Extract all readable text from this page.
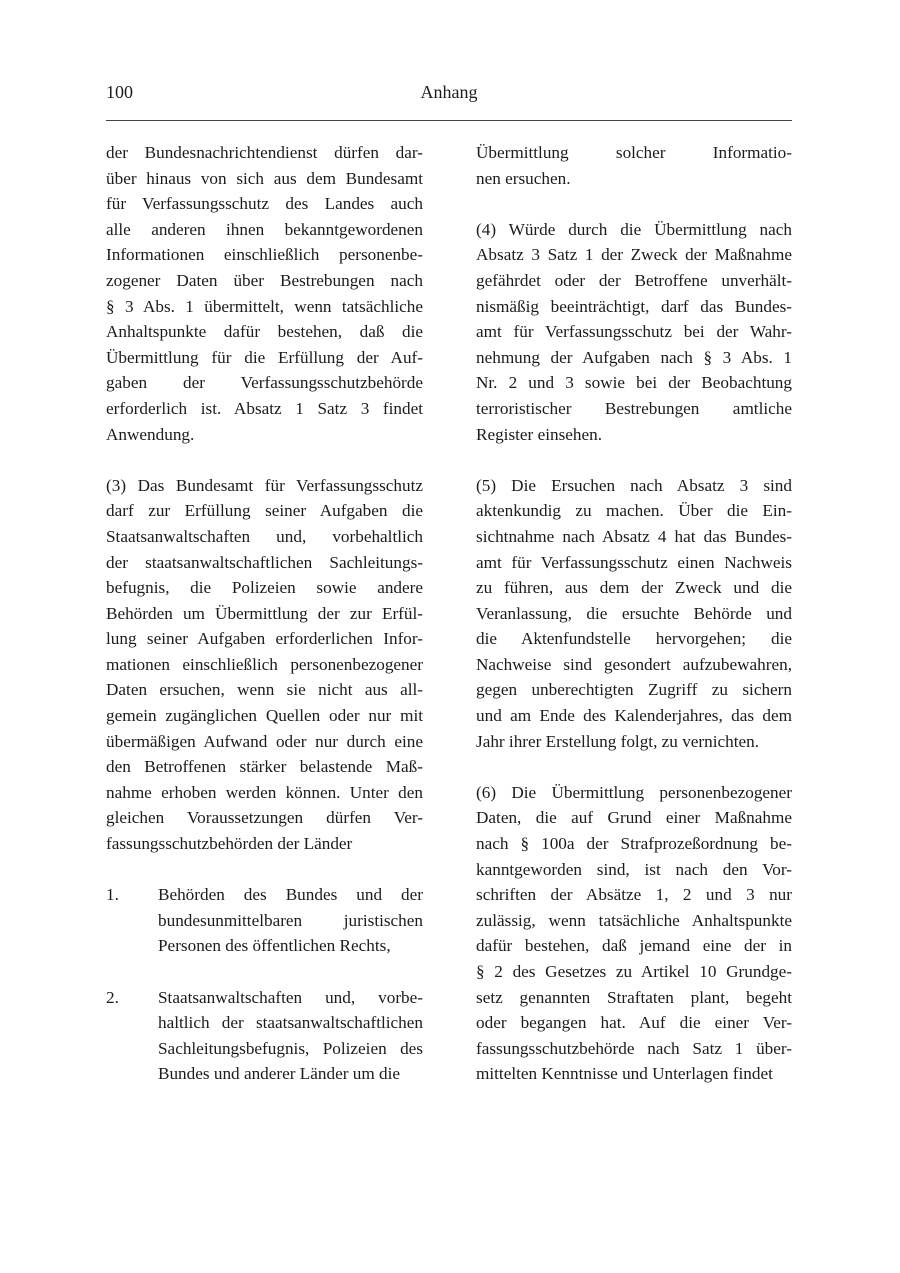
100	Anhang
der Bundesnachrichtendienst dürfen dar-
über hinaus von sich aus dem Bundesamt
für Verfassungsschutz des Landes auch
alle anderen ihnen bekanntgewordenen
Informationen einschließlich personenbe-
zogener Daten über Bestrebungen nach
§ 3 Abs. 1 übermittelt, wenn tatsächliche
Anhaltspunkte dafür bestehen, daß die
Übermittlung für die Erfüllung der Auf-
gaben der Verfassungsschutzbehörde
erforderlich ist. Absatz 1 Satz 3 findet
Anwendung.
(3) Das Bundesamt für Verfassungsschutz
darf zur Erfüllung seiner Aufgaben die
Staatsanwaltschaften und, vorbehaltlich
der staatsanwaltschaftlichen Sachleitungs-
befugnis, die Polizeien sowie andere
Behörden um Übermittlung der zur Erfül-
lung seiner Aufgaben erforderlichen Infor-
mationen einschließlich personenbezogener
Daten ersuchen, wenn sie nicht aus all-
gemein zugänglichen Quellen oder nur mit
übermäßigen Aufwand oder nur durch eine
den Betroffenen stärker belastende Maß-
nahme erhoben werden können. Unter den
gleichen Voraussetzungen dürfen Ver-
fassungsschutzbehörden der Länder
1. Behörden des Bundes und der
bundesunmittelbaren juristischen
Personen des öffentlichen Rechts,
2. Staatsanwaltschaften und, vorbe-
haltlich der staatsanwaltschaftlichen
Sachleitungsbefugnis, Polizeien des
Bundes und anderer Länder um die
Übermittlung solcher Informatio-
nen ersuchen.
(4) Würde durch die Übermittlung nach
Absatz 3 Satz 1 der Zweck der Maßnahme
gefährdet oder der Betroffene unverhält-
nismäßig beeinträchtigt, darf das Bundes-
amt für Verfassungsschutz bei der Wahr-
nehmung der Aufgaben nach § 3 Abs. 1
Nr. 2 und 3 sowie bei der Beobachtung
terroristischer Bestrebungen amtliche
Register einsehen.
(5) Die Ersuchen nach Absatz 3 sind
aktenkundig zu machen. Über die Ein-
sichtnahme nach Absatz 4 hat das Bundes-
amt für Verfassungsschutz einen Nachweis
zu führen, aus dem der Zweck und die
Veranlassung, die ersuchte Behörde und
die Aktenfundstelle hervorgehen; die
Nachweise sind gesondert aufzubewahren,
gegen unberechtigten Zugriff zu sichern
und am Ende des Kalenderjahres, das dem
Jahr ihrer Erstellung folgt, zu vernichten.
(6) Die Übermittlung personenbezogener
Daten, die auf Grund einer Maßnahme
nach § 100a der Strafprozeßordnung be-
kanntgeworden sind, ist nach den Vor-
schriften der Absätze 1, 2 und 3 nur
zulässig, wenn tatsächliche Anhaltspunkte
dafür bestehen, daß jemand eine der in
§ 2 des Gesetzes zu Artikel 10 Grundge-
setz genannten Straftaten plant, begeht
oder begangen hat. Auf die einer Ver-
fassungsschutzbehörde nach Satz 1 über-
mittelten Kenntnisse und Unterlagen findet
